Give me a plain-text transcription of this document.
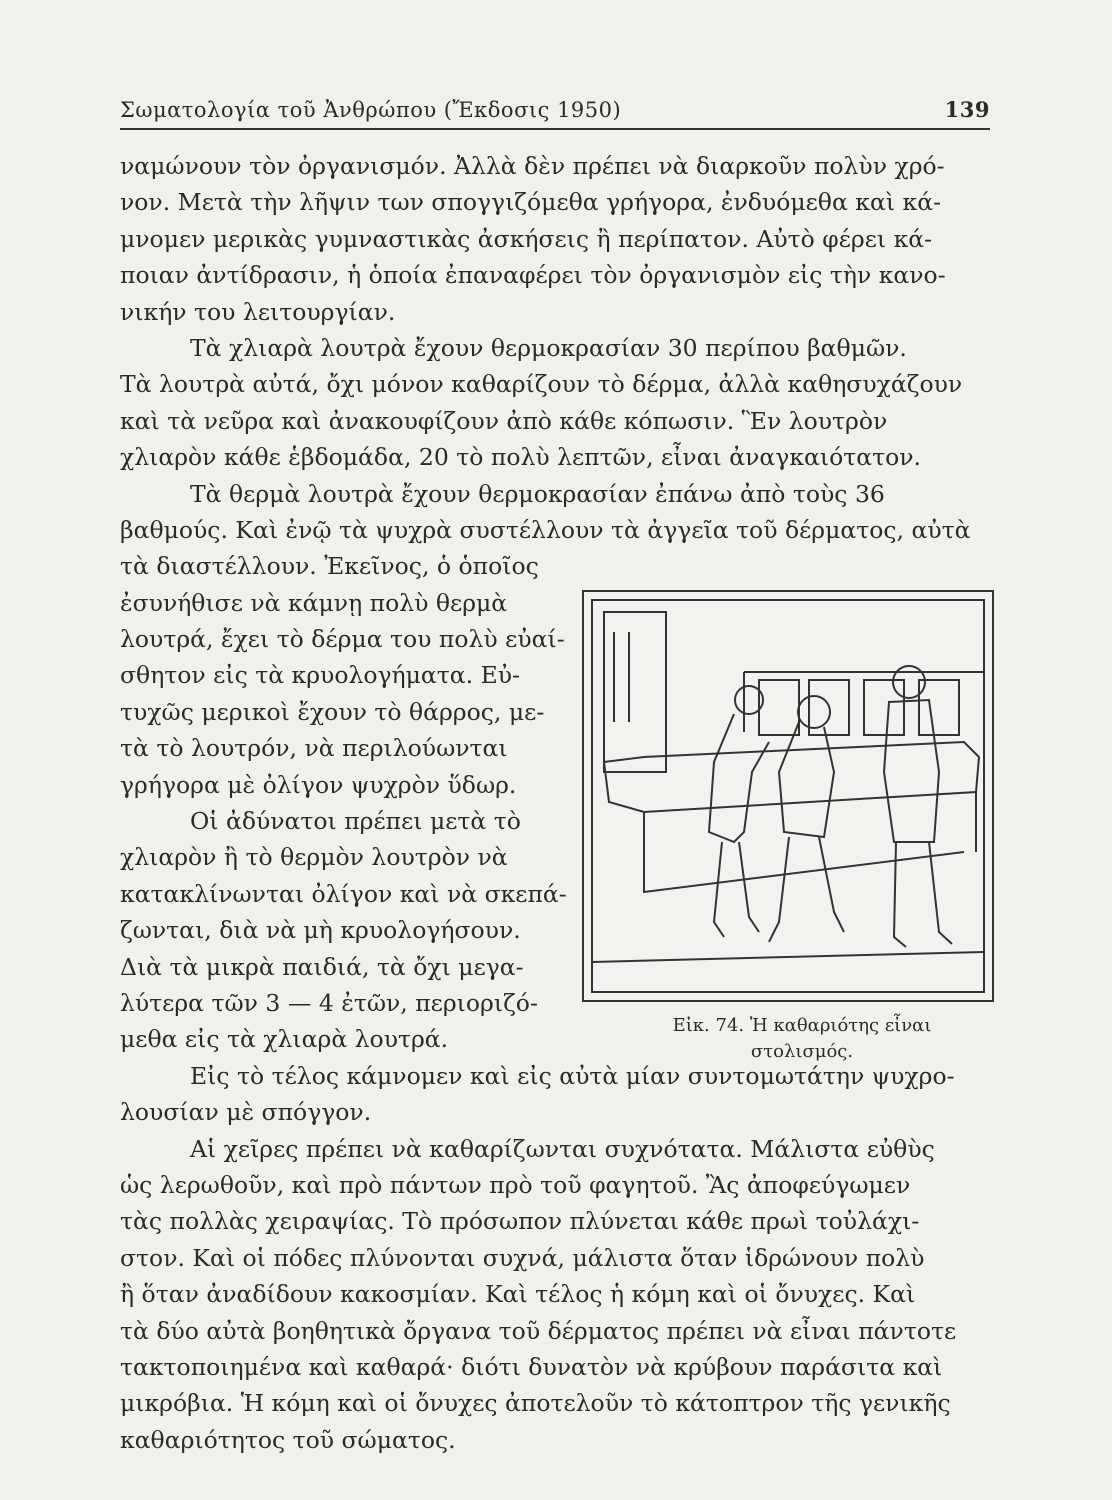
Σωματολογία τοῦ Ἀνθρώπου (Ἔκδοσις 1950)	139
ναμώνουν τὸν ὀργανισμόν. Ἀλλὰ δὲν πρέπει νὰ διαρκοῦν πολὺν χρό-
νον. Μετὰ τὴν λῆψιν των σπογγιζόμεθα γρήγορα, ἐνδυόμεθα καὶ κά-
μνομεν μερικὰς γυμναστικὰς ἀσκήσεις ἢ περίπατον. Αὐτὸ φέρει κά-
ποιαν ἀντίδρασιν, ἡ ὁποία ἐπαναφέρει τὸν ὀργανισμὸν εἰς τὴν κανο-
νικήν του λειτουργίαν.
Τὰ χλιαρὰ λουτρὰ ἔχουν θερμοκρασίαν 30 περίπου βαθμῶν.
Τὰ λουτρὰ αὐτά, ὄχι μόνον καθαρίζουν τὸ δέρμα, ἀλλὰ καθησυχάζουν
καὶ τὰ νεῦρα καὶ ἀνακουφίζουν ἀπὸ κάθε κόπωσιν. Ἓν λουτρὸν
χλιαρὸν κάθε ἑβδομάδα, 20 τὸ πολὺ λεπτῶν, εἶναι ἀναγκαιότατον.
Τὰ θερμὰ λουτρὰ ἔχουν θερμοκρασίαν ἐπάνω ἀπὸ τοὺς 36
βαθμούς. Καὶ ἐνῷ τὰ ψυχρὰ συστέλλουν τὰ ἀγγεῖα τοῦ δέρματος, αὐτὰ
τὰ διαστέλλουν. Ἐκεῖνος, ὁ ὁποῖος
ἐσυνήθισε νὰ κάμνῃ πολὺ θερμὰ
λουτρά, ἔχει τὸ δέρμα του πολὺ εὐαί-
σθητον εἰς τὰ κρυολογήματα. Εὐ-
τυχῶς μερικοὶ ἔχουν τὸ θάρρος, με-
τὰ τὸ λουτρόν, νὰ περιλούωνται
γρήγορα μὲ ὀλίγον ψυχρὸν ὕδωρ.
Οἱ ἀδύνατοι πρέπει μετὰ τὸ
χλιαρὸν ἢ τὸ θερμὸν λουτρὸν νὰ
κατακλίνωνται ὀλίγον καὶ νὰ σκεπά-
ζωνται, διὰ νὰ μὴ κρυολογήσουν.
Διὰ τὰ μικρὰ παιδιά, τὰ ὄχι μεγα-
λύτερα τῶν 3 — 4 ἐτῶν, περιοριζό-
μεθα εἰς τὰ χλιαρὰ λουτρά.
Εἰς τὸ τέλος κάμνομεν καὶ εἰς αὐτὰ μίαν συντομωτάτην ψυχρο-
λουσίαν μὲ σπόγγον.
Αἱ χεῖρες πρέπει νὰ καθαρίζωνται συχνότατα. Μάλιστα εὐθὺς
ὡς λερωθοῦν, καὶ πρὸ πάντων πρὸ τοῦ φαγητοῦ. Ἂς ἀποφεύγωμεν
τὰς πολλὰς χειραψίας. Τὸ πρόσωπον πλύνεται κάθε πρωὶ τοὐλάχι-
στον. Καὶ οἱ πόδες πλύνονται συχνά, μάλιστα ὅταν ἱδρώνουν πολὺ
ἢ ὅταν ἀναδίδουν κακοσμίαν. Καὶ τέλος ἡ κόμη καὶ οἱ ὄνυχες. Καὶ
τὰ δύο αὐτὰ βοηθητικὰ ὄργανα τοῦ δέρματος πρέπει νὰ εἶναι πάντοτε
τακτοποιημένα καὶ καθαρά· διότι δυνατὸν νὰ κρύβουν παράσιτα καὶ
μικρόβια. Ἡ κόμη καὶ οἱ ὄνυχες ἀποτελοῦν τὸ κάτοπτρον τῆς γενικῆς
καθαριότητος τοῦ σώματος.
Εἰκ. 74. Ἡ καθαριότης εἶναι
στολισμός.
